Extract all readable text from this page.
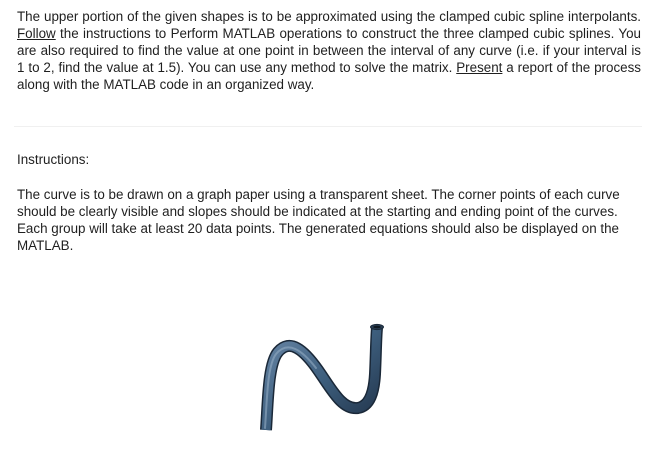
The upper portion of the given shapes is to be approximated using the clamped cubic spline interpolants. Follow the instructions to Perform MATLAB operations to construct the three clamped cubic splines. You are also required to find the value at one point in between the interval of any curve (i.e. if your interval is 1 to 2, find the value at 1.5). You can use any method to solve the matrix. Present a report of the process along with the MATLAB code in an organized way.

Instructions:

The curve is to be drawn on a graph paper using a transparent sheet. The corner points of each curve should be clearly visible and slopes should be indicated at the starting and ending point of the curves. Each group will take at least 20 data points. The generated equations should also be displayed on the MATLAB.
